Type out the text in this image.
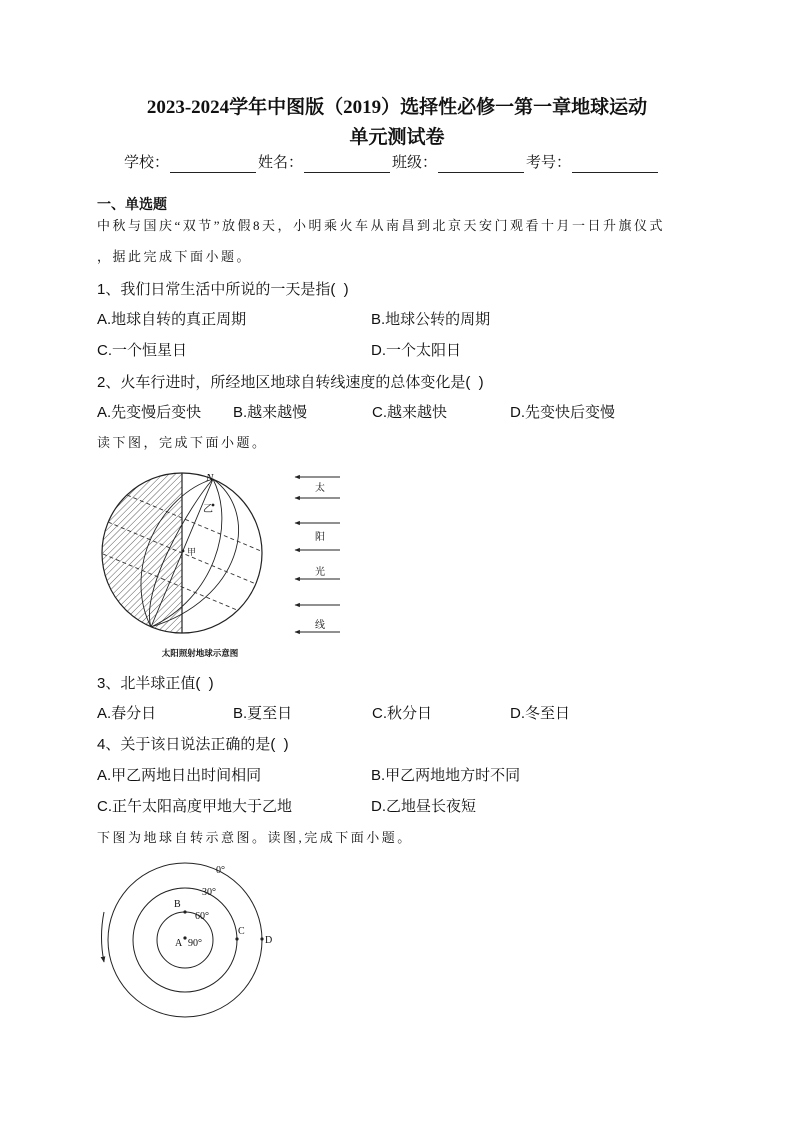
2023-2024学年中图版（2019）选择性必修一第一章地球运动
单元测试卷
学校：	姓名：	班级：	考号：
一、单选题
中秋与国庆“双节”放假8天，小明乘火车从南昌到北京天安门观看十月一日升旗仪式
，据此完成下面小题。
1、我们日常生活中所说的一天是指(  )
A.地球自转的真正周期	B.地球公转的周期
C.一个恒星日	D.一个太阳日
2、火车行进时，所经地区地球自转线速度的总体变化是(  )
A.先变慢后变快 B.越来越慢	C.越来越快	D.先变快后变慢
读下图，完成下面小题。
N
乙
甲
太
阳
光
线
太阳照射地球示意图
3、北半球正值(  )
A.春分日	B.夏至日	C.秋分日	D.冬至日
4、关于该日说法正确的是(  )
A.甲乙两地日出时间相同	B.甲乙两地地方时不同
C.正午太阳高度甲地大于乙地	D.乙地昼长夜短
下图为地球自转示意图。读图,完成下面小题。
0°
30°
B
60°
A 90°
C
D
